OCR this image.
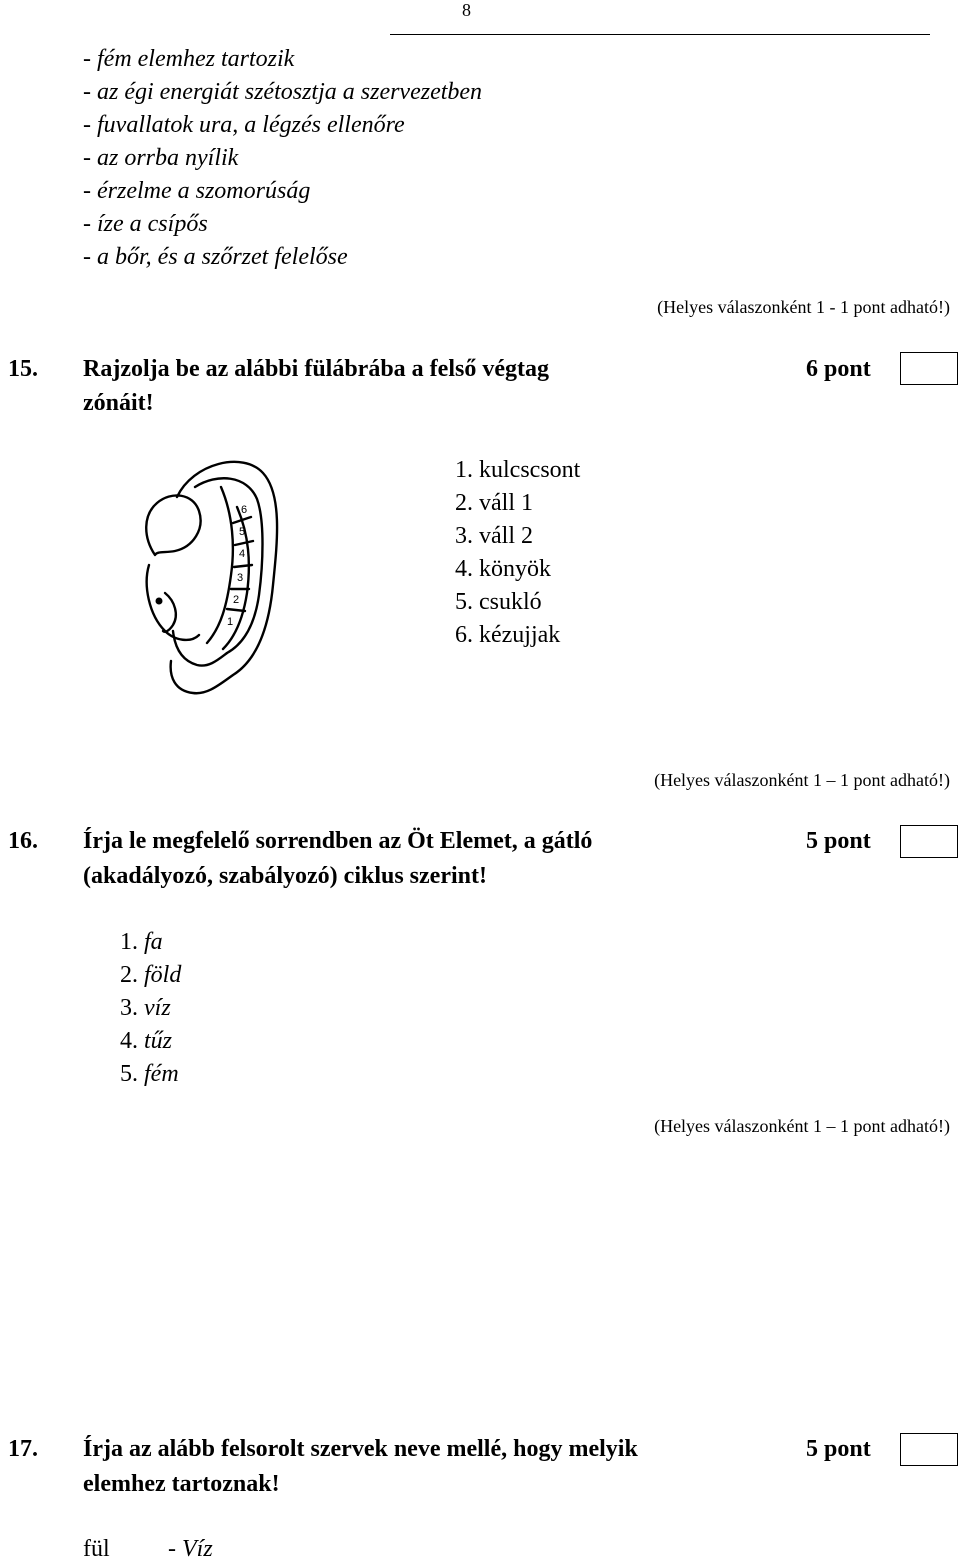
8
- fém elemhez tartozik
- az égi energiát szétosztja a szervezetben
- fuvallatok ura, a légzés ellenőre
- az orrba nyílik
- érzelme a szomorúság
- íze a csípős
- a bőr, és a szőrzet felelőse
(Helyes válaszonként 1 - 1 pont adható!)
15. Rajzolja be az alábbi fülábrába a felső végtag
zónáit!
6 pont
6
5
4
3
2
1
1. kulcscsont
2. váll 1
3. váll 2
4. könyök
5. csukló
6. kézujjak
(Helyes válaszonként 1 – 1 pont adható!)
16. Írja le megfelelő sorrendben az Öt Elemet, a gátló
(akadályozó, szabályozó) ciklus szerint!
5 pont
1. fa
2. föld
3. víz
4. tűz
5. fém
(Helyes válaszonként 1 – 1 pont adható!)
17. Írja az alább felsorolt szervek neve mellé, hogy melyik
elemhez tartoznak!
5 pont
fül - Víz
